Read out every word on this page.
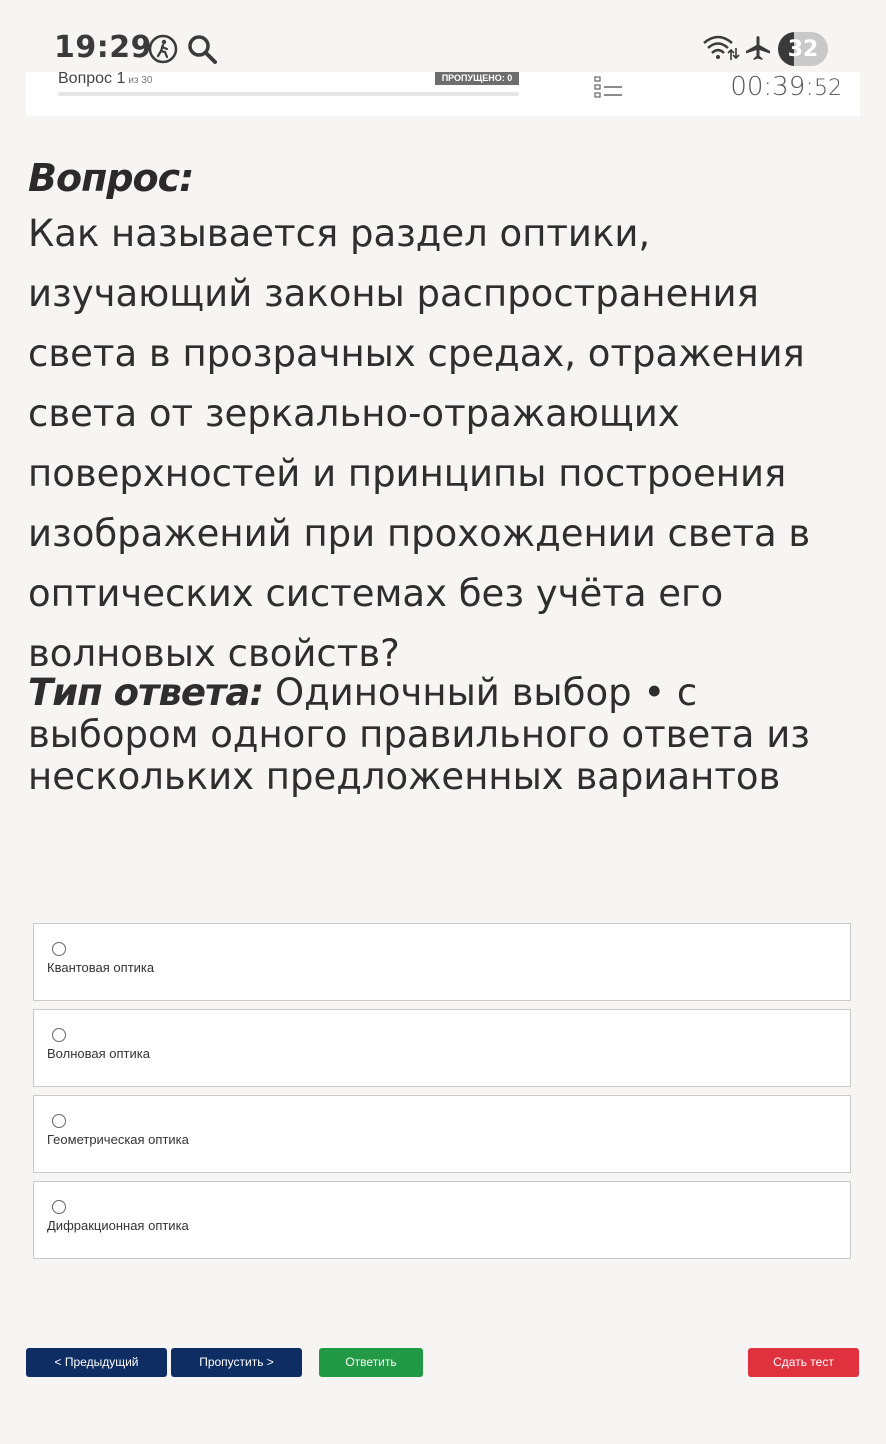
19:29	32
Вопрос 1 из 30	ПРОПУЩЕНО: 0	00:39:52
Вопрос:
Как называется раздел оптики, изучающий законы распространения света в прозрачных средах, отражения света от зеркально-отражающих поверхностей и принципы построения изображений при прохождении света в оптических системах без учёта его волновых свойств?
Тип ответа: Одиночный выбор • с выбором одного правильного ответа из нескольких предложенных вариантов
Квантовая оптика
Волновая оптика
Геометрическая оптика
Дифракционная оптика
< Предыдущий	Пропустить >	Ответить	Сдать тест
